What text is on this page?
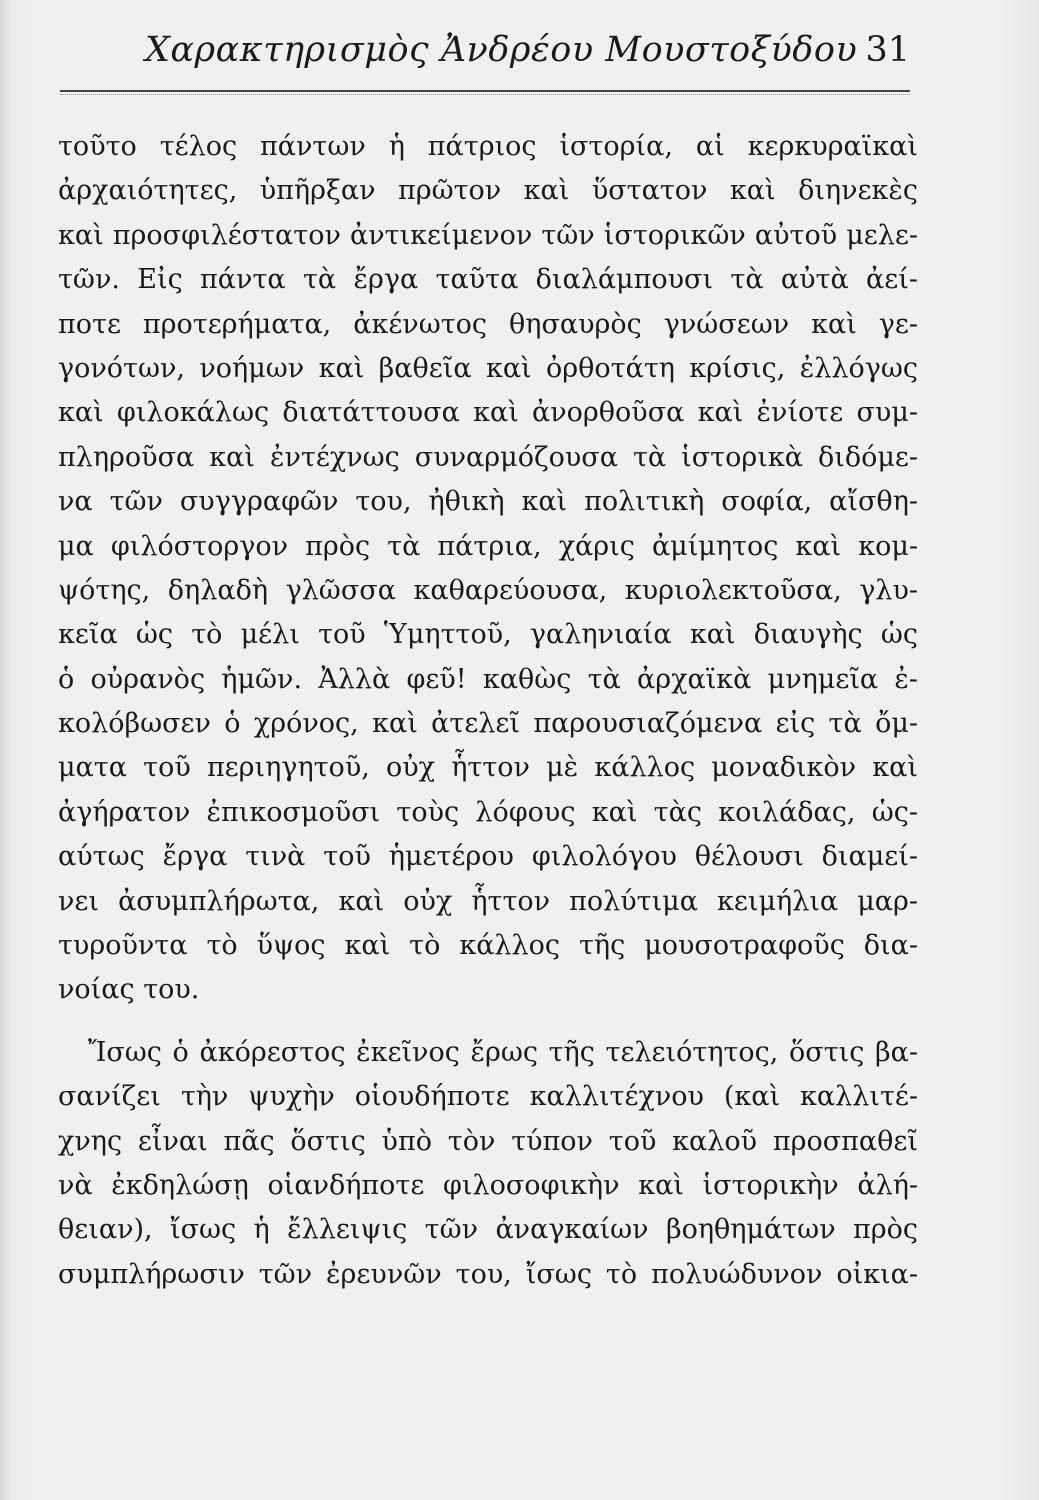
Χαρακτηρισμὸς Ἀνδρέου Μουστοξύδου 31
τοῦτο τέλος πάντων ἡ πάτριος ἱστορία, αἱ κερκυραϊκαὶ
ἀρχαιότητες, ὑπῆρξαν πρῶτον καὶ ὕστατον καὶ διηνεκὲς
καὶ προσφιλέστατον ἀντικείμενον τῶν ἱστορικῶν αὐτοῦ μελε-
τῶν. Εἰς πάντα τὰ ἔργα ταῦτα διαλάμπουσι τὰ αὐτὰ ἀεί-
ποτε προτερήματα, ἀκένωτος θησαυρὸς γνώσεων καὶ γε-
γονότων, νοήμων καὶ βαθεῖα καὶ ὀρθοτάτη κρίσις, ἐλλόγως
καὶ φιλοκάλως διατάττουσα καὶ ἀνορθοῦσα καὶ ἐνίοτε συμ-
πληροῦσα καὶ ἐντέχνως συναρμόζουσα τὰ ἱστορικὰ διδόμε-
να τῶν συγγραφῶν του, ἠθικὴ καὶ πολιτικὴ σοφία, αἴσθη-
μα φιλόστοργον πρὸς τὰ πάτρια, χάρις ἀμίμητος καὶ κομ-
ψότης, δηλαδὴ γλῶσσα καθαρεύουσα, κυριολεκτοῦσα, γλυ-
κεῖα ὡς τὸ μέλι τοῦ Ὑμηττοῦ, γαληνιαία καὶ διαυγὴς ὡς
ὁ οὐρανὸς ἡμῶν. Ἀλλὰ φεῦ! καθὼς τὰ ἀρχαϊκὰ μνημεῖα ἐ-
κολόβωσεν ὁ χρόνος, καὶ ἀτελεῖ παρουσιαζόμενα εἰς τὰ ὄμ-
ματα τοῦ περιηγητοῦ, οὐχ ἧττον μὲ κάλλος μοναδικὸν καὶ
ἀγήρατον ἐπικοσμοῦσι τοὺς λόφους καὶ τὰς κοιλάδας, ὡς-
αύτως ἔργα τινὰ τοῦ ἡμετέρου φιλολόγου θέλουσι διαμεί-
νει ἀσυμπλήρωτα, καὶ οὐχ ἧττον πολύτιμα κειμήλια μαρ-
τυροῦντα τὸ ὕψος καὶ τὸ κάλλος τῆς μουσοτραφοῦς δια-
νοίας του.
Ἴσως ὁ ἀκόρεστος ἐκεῖνος ἔρως τῆς τελειότητος, ὅστις βα-
σανίζει τὴν ψυχὴν οἱουδήποτε καλλιτέχνου (καὶ καλλιτέ-
χνης εἶναι πᾶς ὅστις ὑπὸ τὸν τύπον τοῦ καλοῦ προσπαθεῖ
νὰ ἐκδηλώσῃ οἱανδήποτε φιλοσοφικὴν καὶ ἱστορικὴν ἀλή-
θειαν), ἴσως ἡ ἔλλειψις τῶν ἀναγκαίων βοηθημάτων πρὸς
συμπλήρωσιν τῶν ἐρευνῶν του, ἴσως τὸ πολυώδυνον οἰκια-
